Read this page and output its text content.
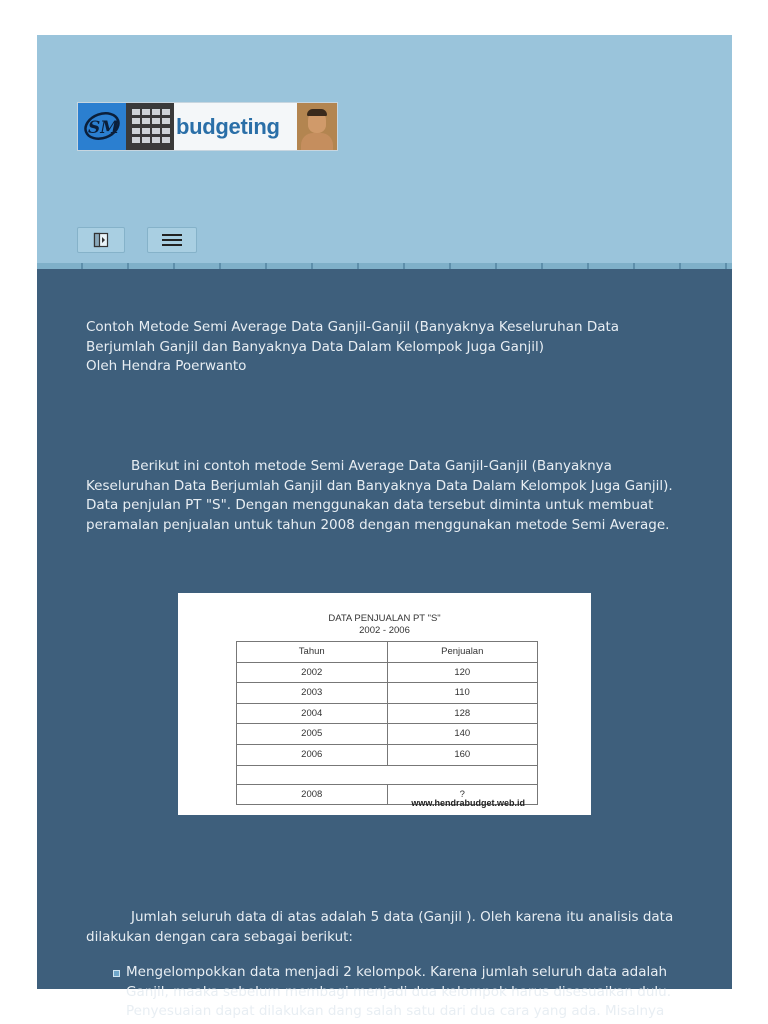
SM	budgeting

Contoh Metode Semi Average Data Ganjil-Ganjil (Banyaknya Keseluruhan Data

Berjumlah Ganjil dan Banyaknya Data Dalam Kelompok Juga Ganjil)

Oleh Hendra Poerwanto

Berikut ini contoh metode Semi Average Data Ganjil-Ganjil (Banyaknya Keseluruhan Data Berjumlah Ganjil dan Banyaknya Data Dalam Kelompok Juga Ganjil). Data penjulan PT "S". Dengan menggunakan data tersebut diminta untuk membuat peramalan penjualan untuk tahun 2008 dengan menggunakan metode Semi Average.

DATA PENJUALAN PT "S"
2002 - 2006
Tahun	Penjualan
2002	120
2003	110
2004	128
2005	140
2006	160

2008	?
www.hendrabudget.web.id

Jumlah seluruh data di atas adalah 5 data (Ganjil ). Oleh karena itu analisis data dilakukan dengan cara sebagai berikut:

Mengelompokkan data menjadi 2 kelompok. Karena jumlah seluruh data adalah Ganjil, maaka sebelum membagi menjadi dua kelompok harus disesuaikan dulu. Penyesuaian dapat dilakukan dang salah satu dari dua cara yang ada. Misalnya
